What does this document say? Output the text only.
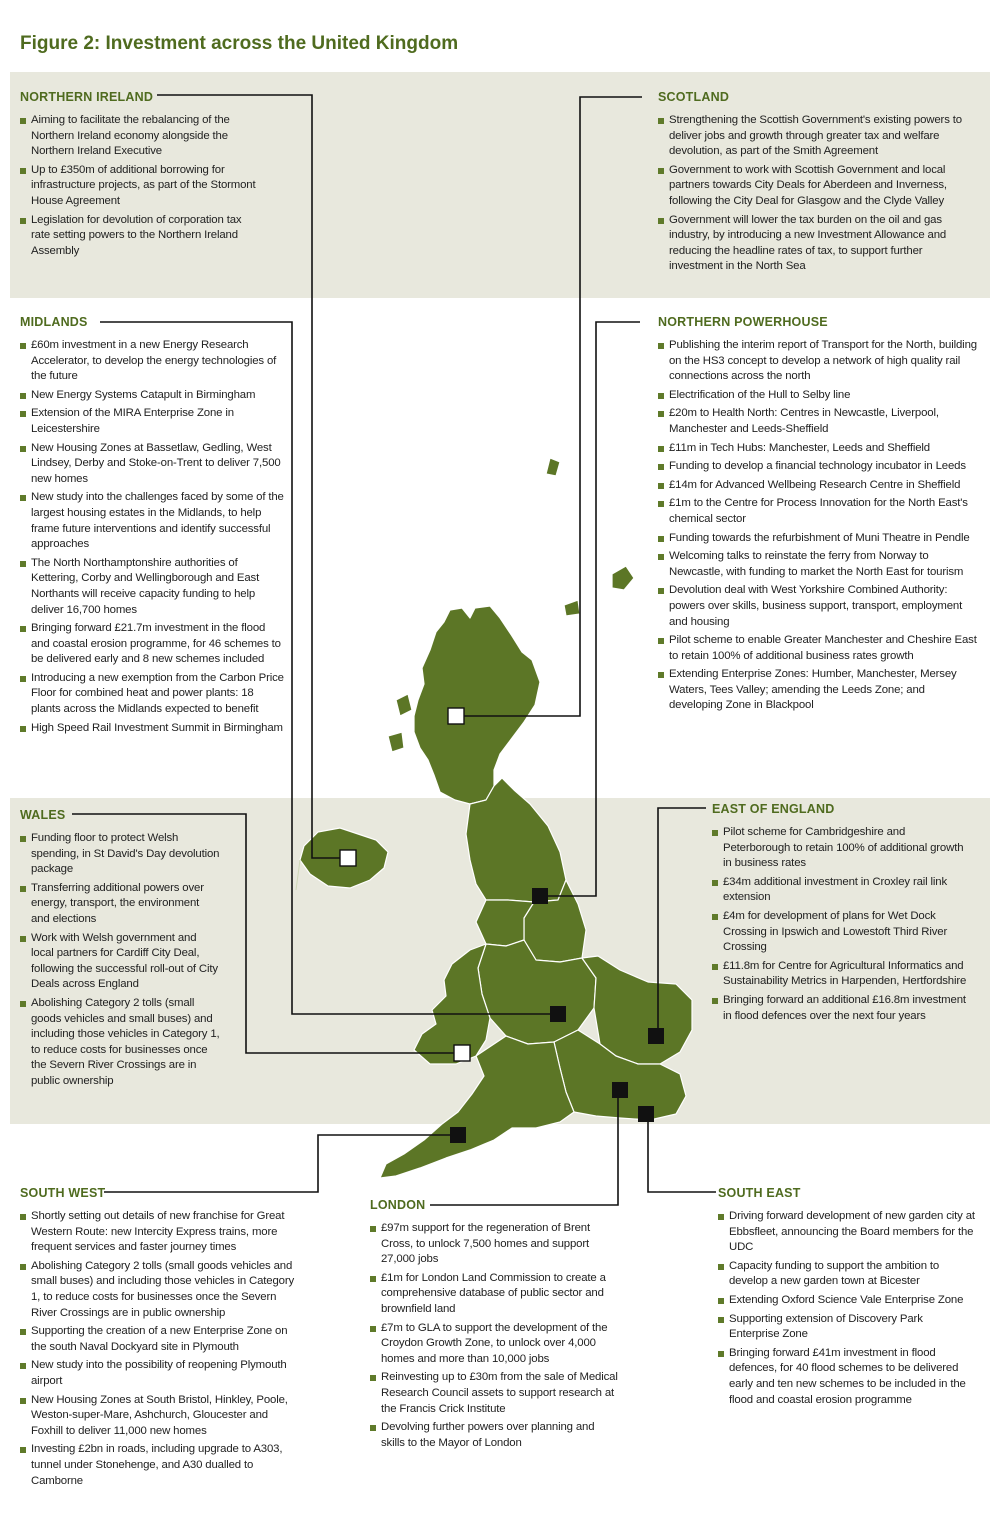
Figure 2: Investment across the United Kingdom
NORTHERN IRELAND
Aiming to facilitate the rebalancing of the Northern Ireland economy alongside the Northern Ireland Executive
Up to £350m of additional borrowing for infrastructure projects, as part of the Stormont House Agreement
Legislation for devolution of corporation tax rate setting powers to the Northern Ireland Assembly
SCOTLAND
Strengthening the Scottish Government's existing powers to deliver jobs and growth through greater tax and welfare devolution, as part of the Smith Agreement
Government to work with Scottish Government and local partners towards City Deals for Aberdeen and Inverness, following the City Deal for Glasgow and the Clyde Valley
Government will lower the tax burden on the oil and gas industry, by introducing a new Investment Allowance and reducing the headline rates of tax, to support further investment in the North Sea
MIDLANDS
£60m investment in a new Energy Research Accelerator, to develop the energy technologies of the future
New Energy Systems Catapult in Birmingham
Extension of the MIRA Enterprise Zone in Leicestershire
New Housing Zones at Bassetlaw, Gedling, West Lindsey, Derby and Stoke-on-Trent to deliver 7,500 new homes
New study into the challenges faced by some of the largest housing estates in the Midlands, to help frame future interventions and identify successful approaches
The North Northamptonshire authorities of Kettering, Corby and Wellingborough and East Northants will receive capacity funding to help deliver 16,700 homes
Bringing forward £21.7m investment in the flood and coastal erosion programme, for 46 schemes to be delivered early and 8 new schemes included
Introducing a new exemption from the Carbon Price Floor for combined heat and power plants: 18 plants across the Midlands expected to benefit
High Speed Rail Investment Summit in Birmingham
NORTHERN POWERHOUSE
Publishing the interim report of Transport for the North, building on the HS3 concept to develop a network of high quality rail connections across the north
Electrification of the Hull to Selby line
£20m to Health North: Centres in Newcastle, Liverpool, Manchester and Leeds-Sheffield
£11m in Tech Hubs: Manchester, Leeds and Sheffield
Funding to develop a financial technology incubator in Leeds
£14m for Advanced Wellbeing Research Centre in Sheffield
£1m to the Centre for Process Innovation for the North East's chemical sector
Funding towards the refurbishment of Muni Theatre in Pendle
Welcoming talks to reinstate the ferry from Norway to Newcastle, with funding to market the North East for tourism
Devolution deal with West Yorkshire Combined Authority: powers over skills, business support, transport, employment and housing
Pilot scheme to enable Greater Manchester and Cheshire East to retain 100% of additional business rates growth
Extending Enterprise Zones: Humber, Manchester, Mersey Waters, Tees Valley; amending the Leeds Zone; and developing Zone in Blackpool
WALES
Funding floor to protect Welsh spending, in St David's Day devolution package
Transferring additional powers over energy, transport, the environment and elections
Work with Welsh government and local partners for Cardiff City Deal, following the successful roll-out of City Deals across England
Abolishing Category 2 tolls (small goods vehicles and small buses) and including those vehicles in Category 1, to reduce costs for businesses once the Severn River Crossings are in public ownership
EAST OF ENGLAND
Pilot scheme for Cambridgeshire and Peterborough to retain 100% of additional growth in business rates
£34m additional investment in Croxley rail link extension
£4m for development of plans for Wet Dock Crossing in Ipswich and Lowestoft Third River Crossing
£11.8m for Centre for Agricultural Informatics and Sustainability Metrics in Harpenden, Hertfordshire
Bringing forward an additional £16.8m investment in flood defences over the next four years
SOUTH WEST
Shortly setting out details of new franchise for Great Western Route: new Intercity Express trains, more frequent services and faster journey times
Abolishing Category 2 tolls (small goods vehicles and small buses) and including those vehicles in Category 1, to reduce costs for businesses once the Severn River Crossings are in public ownership
Supporting the creation of a new Enterprise Zone on the south Naval Dockyard site in Plymouth
New study into the possibility of reopening Plymouth airport
New Housing Zones at South Bristol, Hinkley, Poole, Weston-super-Mare, Ashchurch, Gloucester and Foxhill to deliver 11,000 new homes
Investing £2bn in roads, including upgrade to A303, tunnel under Stonehenge, and A30 dualled to Camborne
LONDON
£97m support for the regeneration of Brent Cross, to unlock 7,500 homes and support 27,000 jobs
£1m for London Land Commission to create a comprehensive database of public sector and brownfield land
£7m to GLA to support the development of the Croydon Growth Zone, to unlock over 4,000 homes and more than 10,000 jobs
Reinvesting up to £30m from the sale of Medical Research Council assets to support research at the Francis Crick Institute
Devolving further powers over planning and skills to the Mayor of London
SOUTH EAST
Driving forward development of new garden city at Ebbsfleet, announcing the Board members for the UDC
Capacity funding to support the ambition to develop a new garden town at Bicester
Extending Oxford Science Vale Enterprise Zone
Supporting extension of Discovery Park Enterprise Zone
Bringing forward £41m investment in flood defences, for 40 flood schemes to be delivered early and ten new schemes to be included in the flood and coastal erosion programme
